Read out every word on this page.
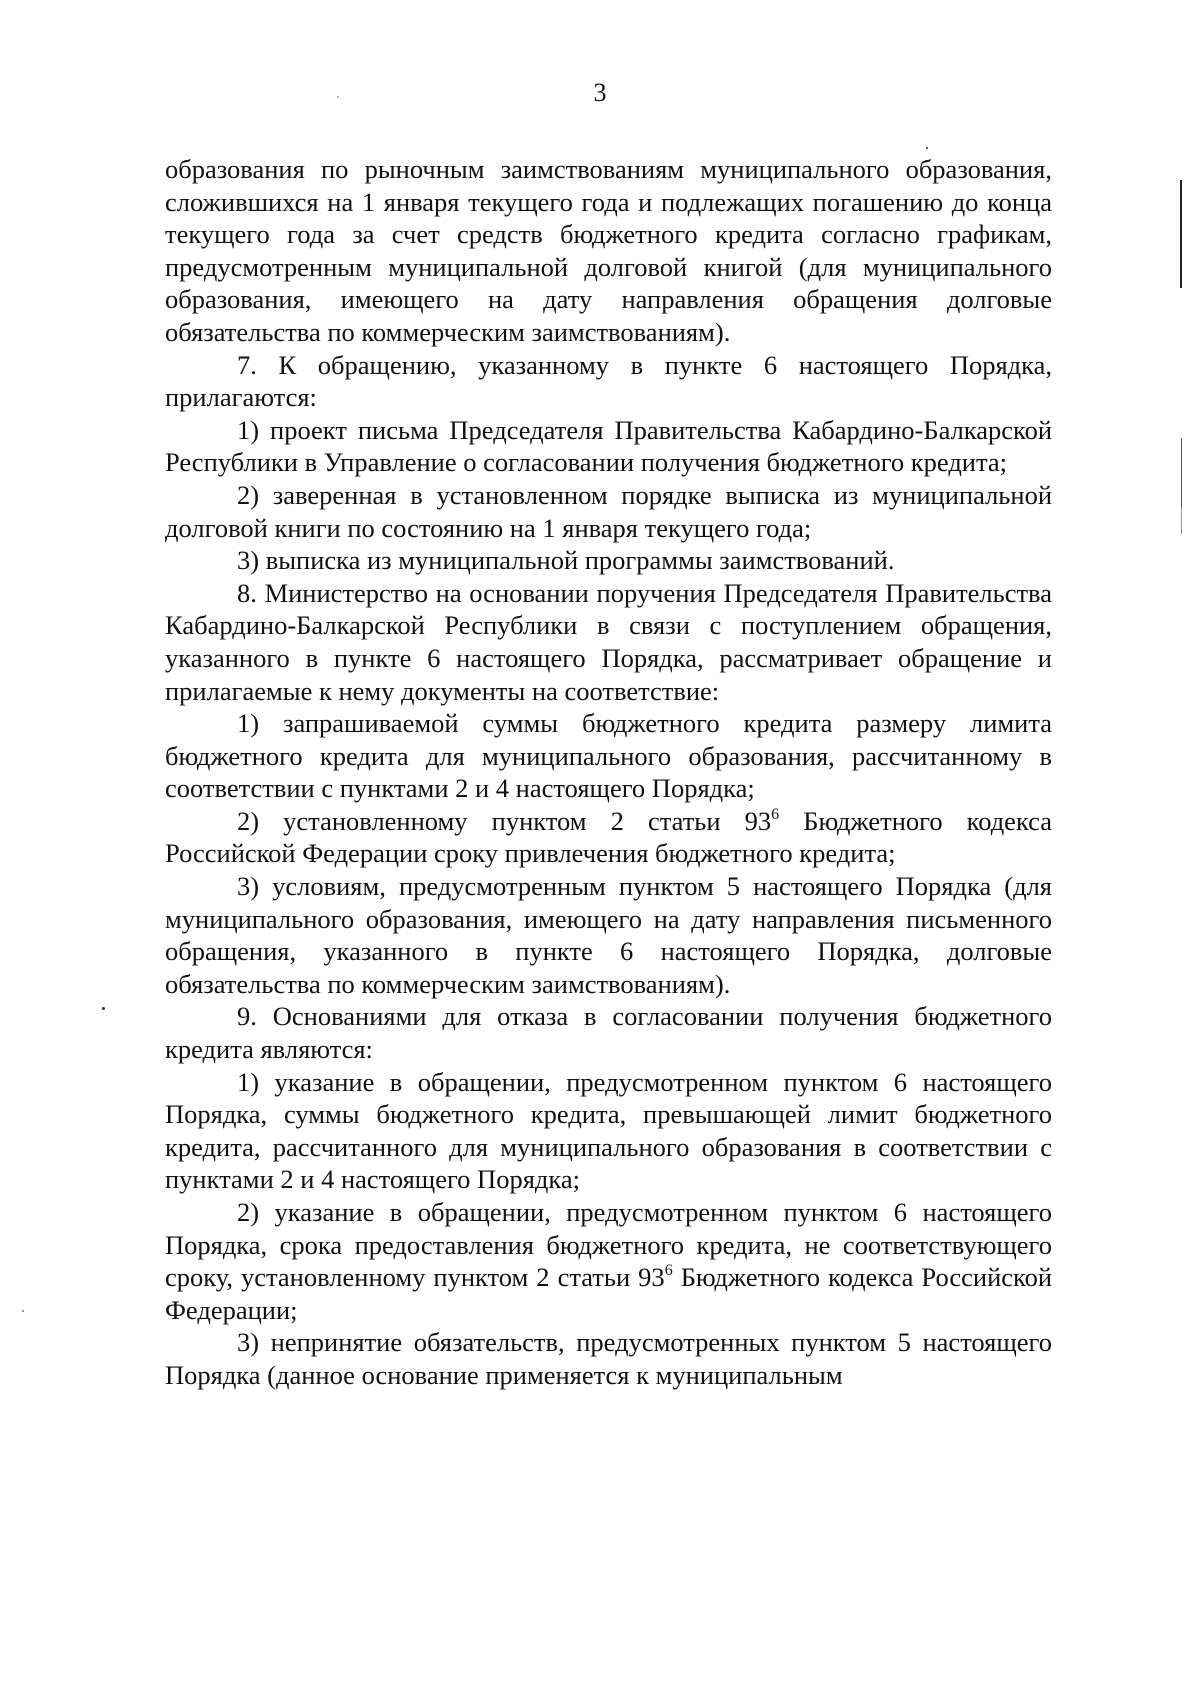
3

образования по рыночным заимствованиям муниципального образования, сложившихся на 1 января текущего года и подлежащих погашению до конца текущего года за счет средств бюджетного кредита согласно графикам, предусмотренным муниципальной долговой книгой (для муниципального образования, имеющего на дату направления обращения долговые обязательства по коммерческим заимствованиям).

7. К обращению, указанному в пункте 6 настоящего Порядка, прилагаются:

1) проект письма Председателя Правительства Кабардино-Балкарской Республики в Управление о согласовании получения бюджетного кредита;

2) заверенная в установленном порядке выписка из муниципальной долговой книги по состоянию на 1 января текущего года;

3) выписка из муниципальной программы заимствований.

8. Министерство на основании поручения Председателя Правительства Кабардино-Балкарской Республики в связи с поступлением обращения, указанного в пункте 6 настоящего Порядка, рассматривает обращение и прилагаемые к нему документы на соответствие:

1) запрашиваемой суммы бюджетного кредита размеру лимита бюджетного кредита для муниципального образования, рассчитанному в соответствии с пунктами 2 и 4 настоящего Порядка;

2) установленному пунктом 2 статьи $93^6$ Бюджетного кодекса Российской Федерации сроку привлечения бюджетного кредита;

3) условиям, предусмотренным пунктом 5 настоящего Порядка (для муниципального образования, имеющего на дату направления письменного обращения, указанного в пункте 6 настоящего Порядка, долговые обязательства по коммерческим заимствованиям).

9. Основаниями для отказа в согласовании получения бюджетного кредита являются:

1) указание в обращении, предусмотренном пунктом 6 настоящего Порядка, суммы бюджетного кредита, превышающей лимит бюджетного кредита, рассчитанного для муниципального образования в соответствии с пунктами 2 и 4 настоящего Порядка;

2) указание в обращении, предусмотренном пунктом 6 настоящего Порядка, срока предоставления бюджетного кредита, не соответствующего сроку, установленному пунктом 2 статьи $93^6$ Бюджетного кодекса Российской Федерации;

3) непринятие обязательств, предусмотренных пунктом 5 настоящего Порядка (данное основание применяется к муниципальным
